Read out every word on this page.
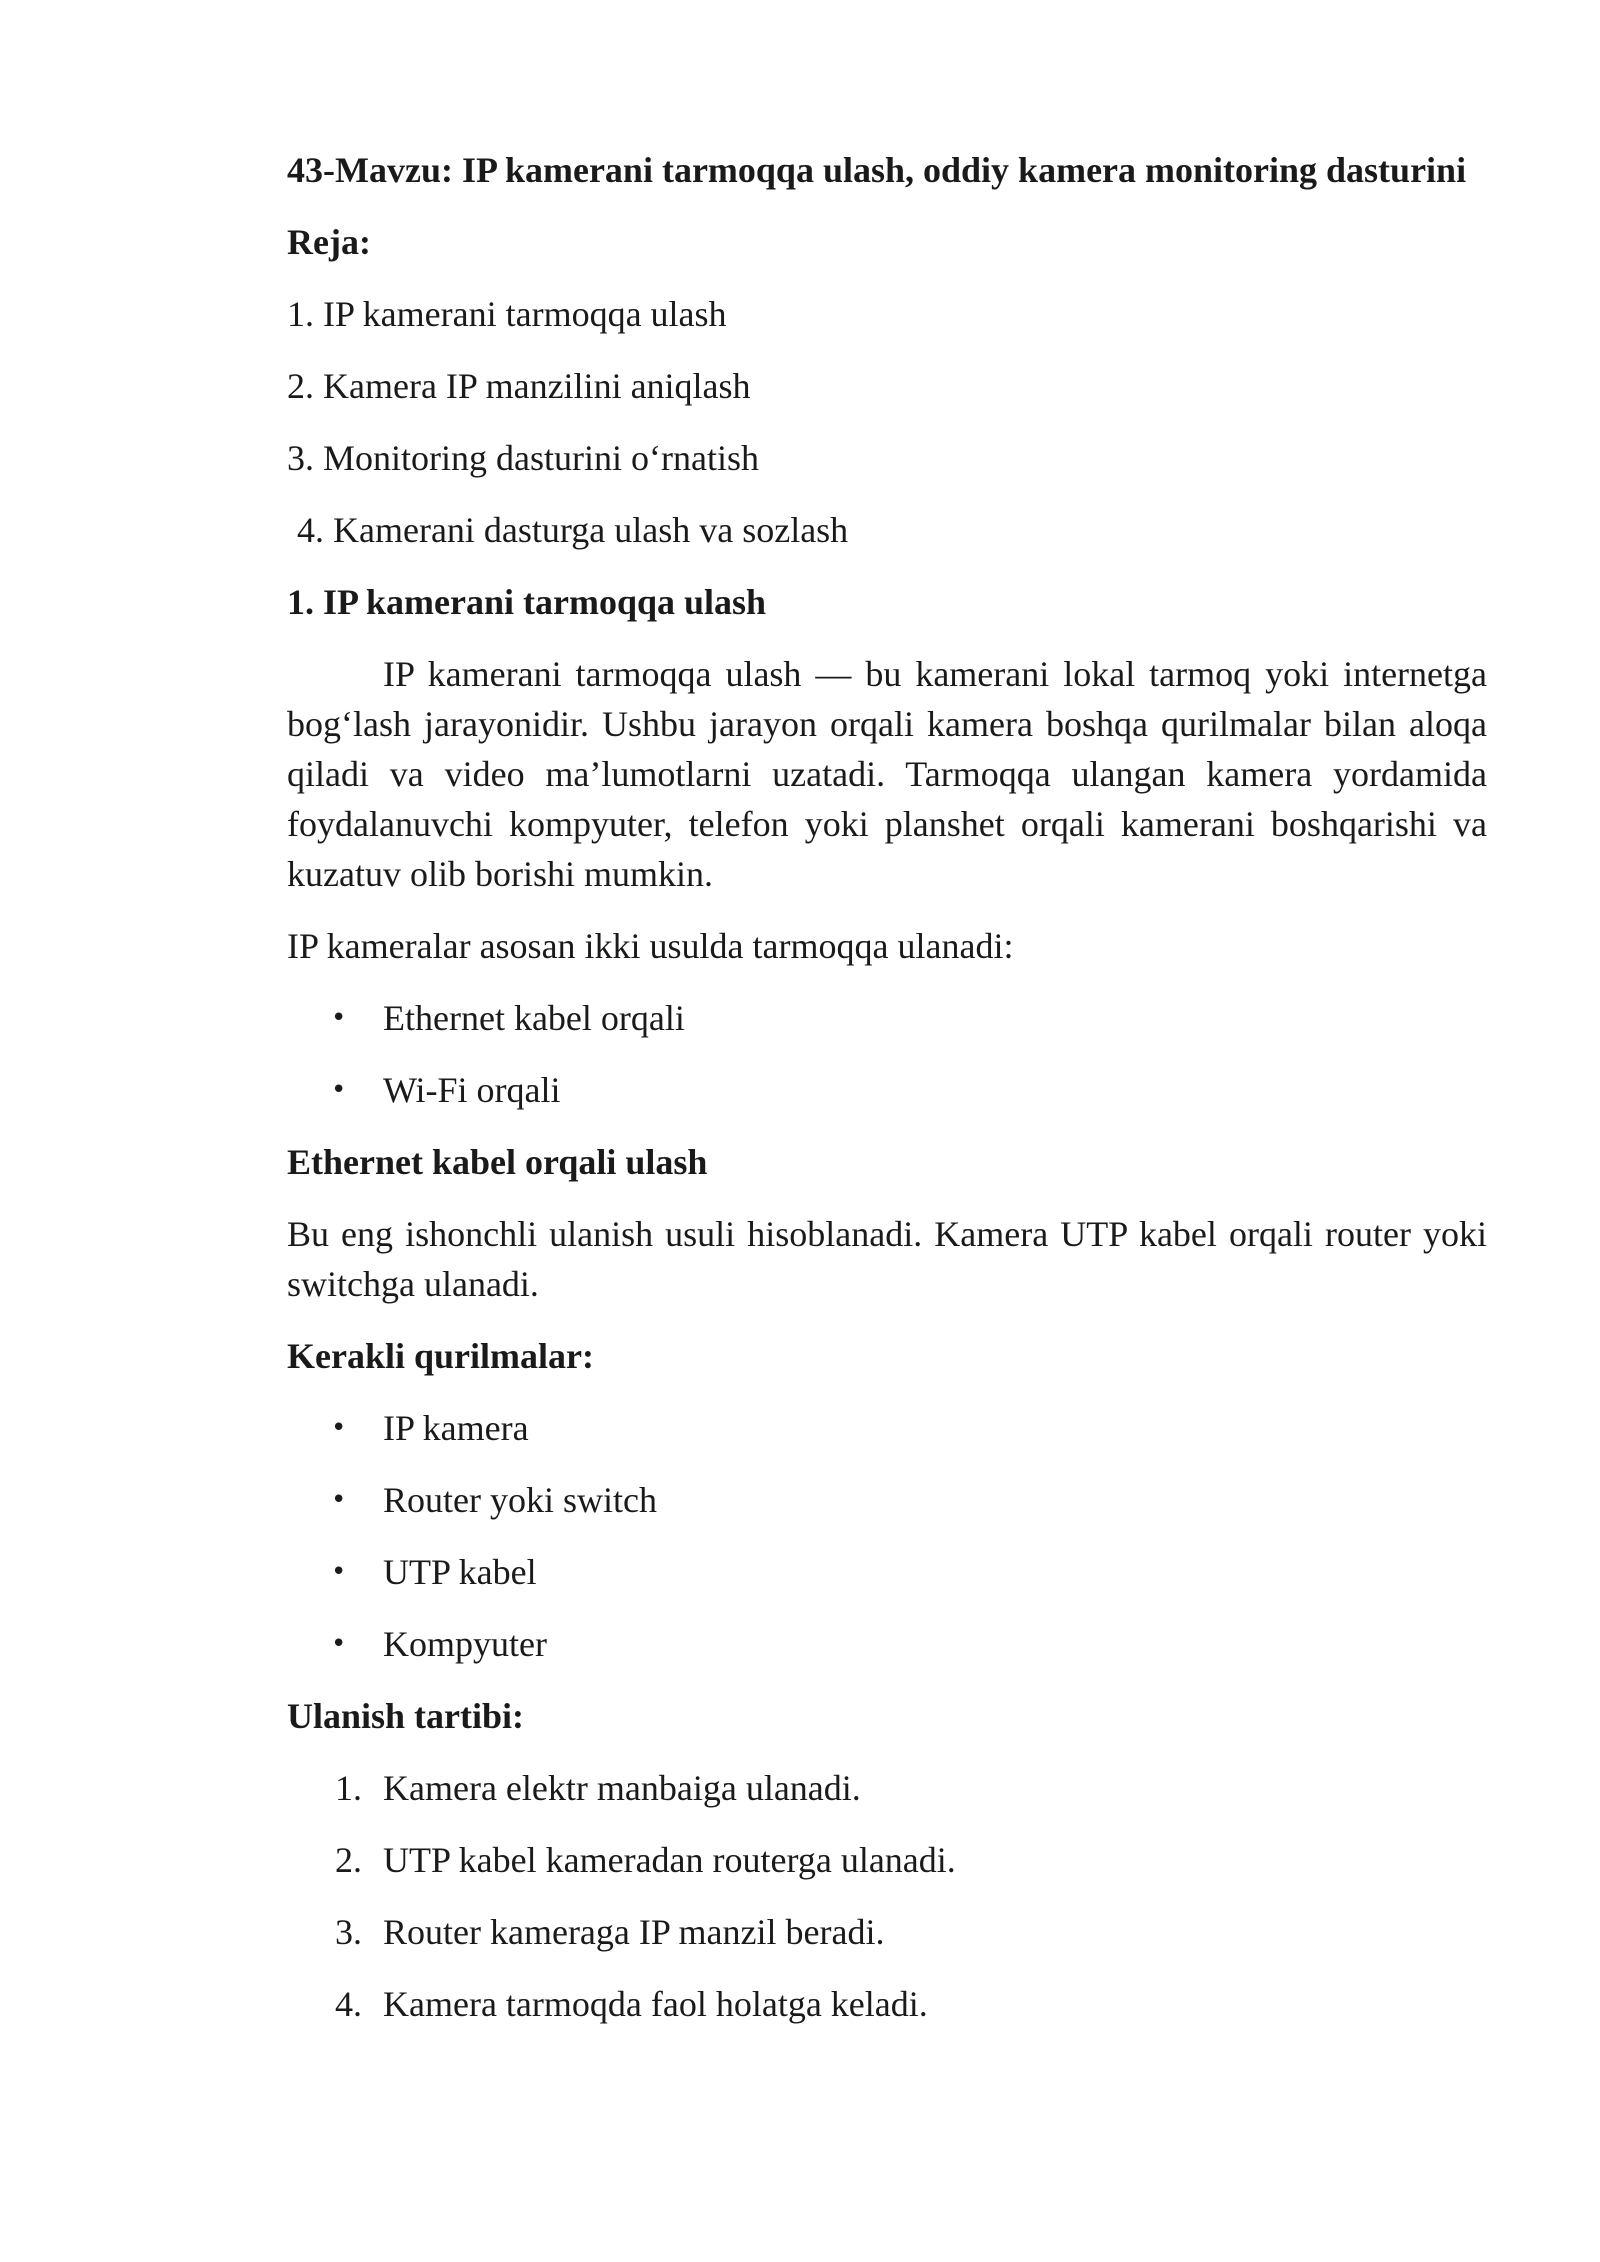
43-Mavzu: IP kamerani tarmoqqa ulash, oddiy kamera monitoring dasturini
Reja:
1. IP kamerani tarmoqqa ulash
2. Kamera IP manzilini aniqlash
3. Monitoring dasturini o‘rnatish
4. Kamerani dasturga ulash va sozlash
1. IP kamerani tarmoqqa ulash
IP kamerani tarmoqqa ulash — bu kamerani lokal tarmoq yoki internetga bog‘lash jarayonidir. Ushbu jarayon orqali kamera boshqa qurilmalar bilan aloqa qiladi va video ma’lumotlarni uzatadi. Tarmoqqa ulangan kamera yordamida foydalanuvchi kompyuter, telefon yoki planshet orqali kamerani boshqarishi va kuzatuv olib borishi mumkin.
IP kameralar asosan ikki usulda tarmoqqa ulanadi:
• Ethernet kabel orqali
• Wi-Fi orqali
Ethernet kabel orqali ulash
Bu eng ishonchli ulanish usuli hisoblanadi. Kamera UTP kabel orqali router yoki switchga ulanadi.
Kerakli qurilmalar:
• IP kamera
• Router yoki switch
• UTP kabel
• Kompyuter
Ulanish tartibi:
1. Kamera elektr manbaiga ulanadi.
2. UTP kabel kameradan routerga ulanadi.
3. Router kameraga IP manzil beradi.
4. Kamera tarmoqda faol holatga keladi.
